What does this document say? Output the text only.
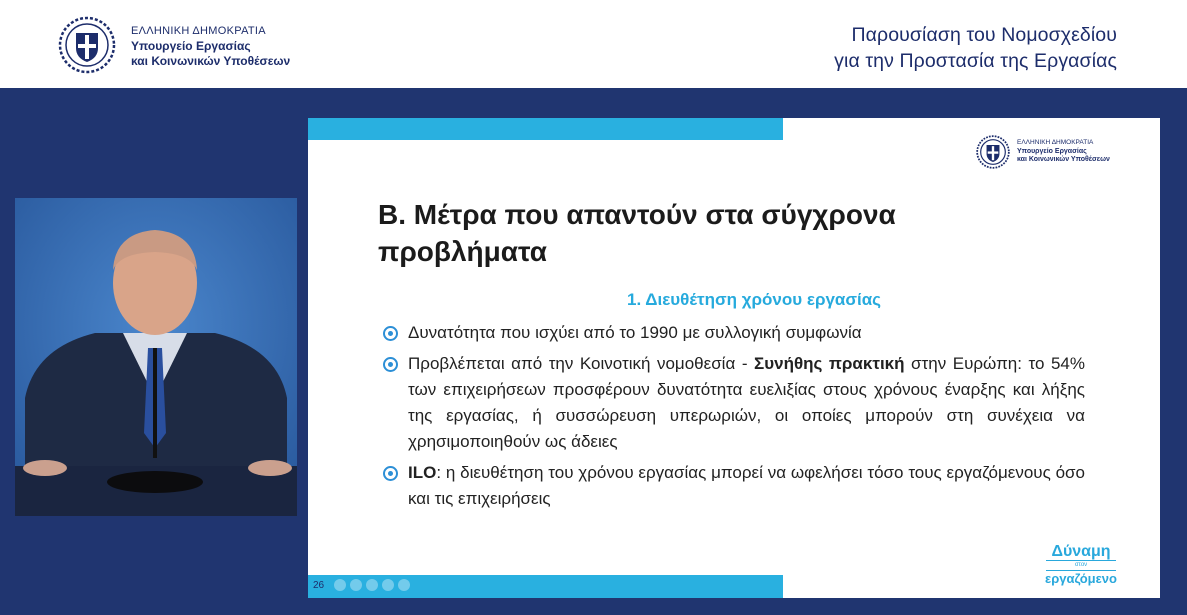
ΕΛΛΗΝΙΚΗ ΔΗΜΟΚΡΑΤΙΑ
Υπουργείο Εργασίας
και Κοινωνικών Υποθέσεων
Παρουσίαση του Νομοσχεδίου
για την Προστασία της Εργασίας
ΕΛΛΗΝΙΚΗ ΔΗΜΟΚΡΑΤΙΑ
Υπουργείο Εργασίας
και Κοινωνικών Υποθέσεων
Β. Μέτρα που απαντούν στα σύγχρονα
προβλήματα
1. Διευθέτηση χρόνου εργασίας
Δυνατότητα που ισχύει από το 1990 με συλλογική συμφωνία
Προβλέπεται από την Κοινοτική νομοθεσία - Συνήθης πρακτική στην Ευρώπη: το 54% των επιχειρήσεων προσφέρουν δυνατότητα ευελιξίας στους χρόνους έναρξης και λήξης της εργασίας, ή συσσώρευση υπερωριών, οι οποίες μπορούν στη συνέχεια να χρησιμοποιηθούν ως άδειες
ILO: η διευθέτηση του χρόνου εργασίας μπορεί να ωφελήσει τόσο τους εργαζόμενους όσο και τις επιχειρήσεις
Δύναμη
στον
εργαζόμενο
26
